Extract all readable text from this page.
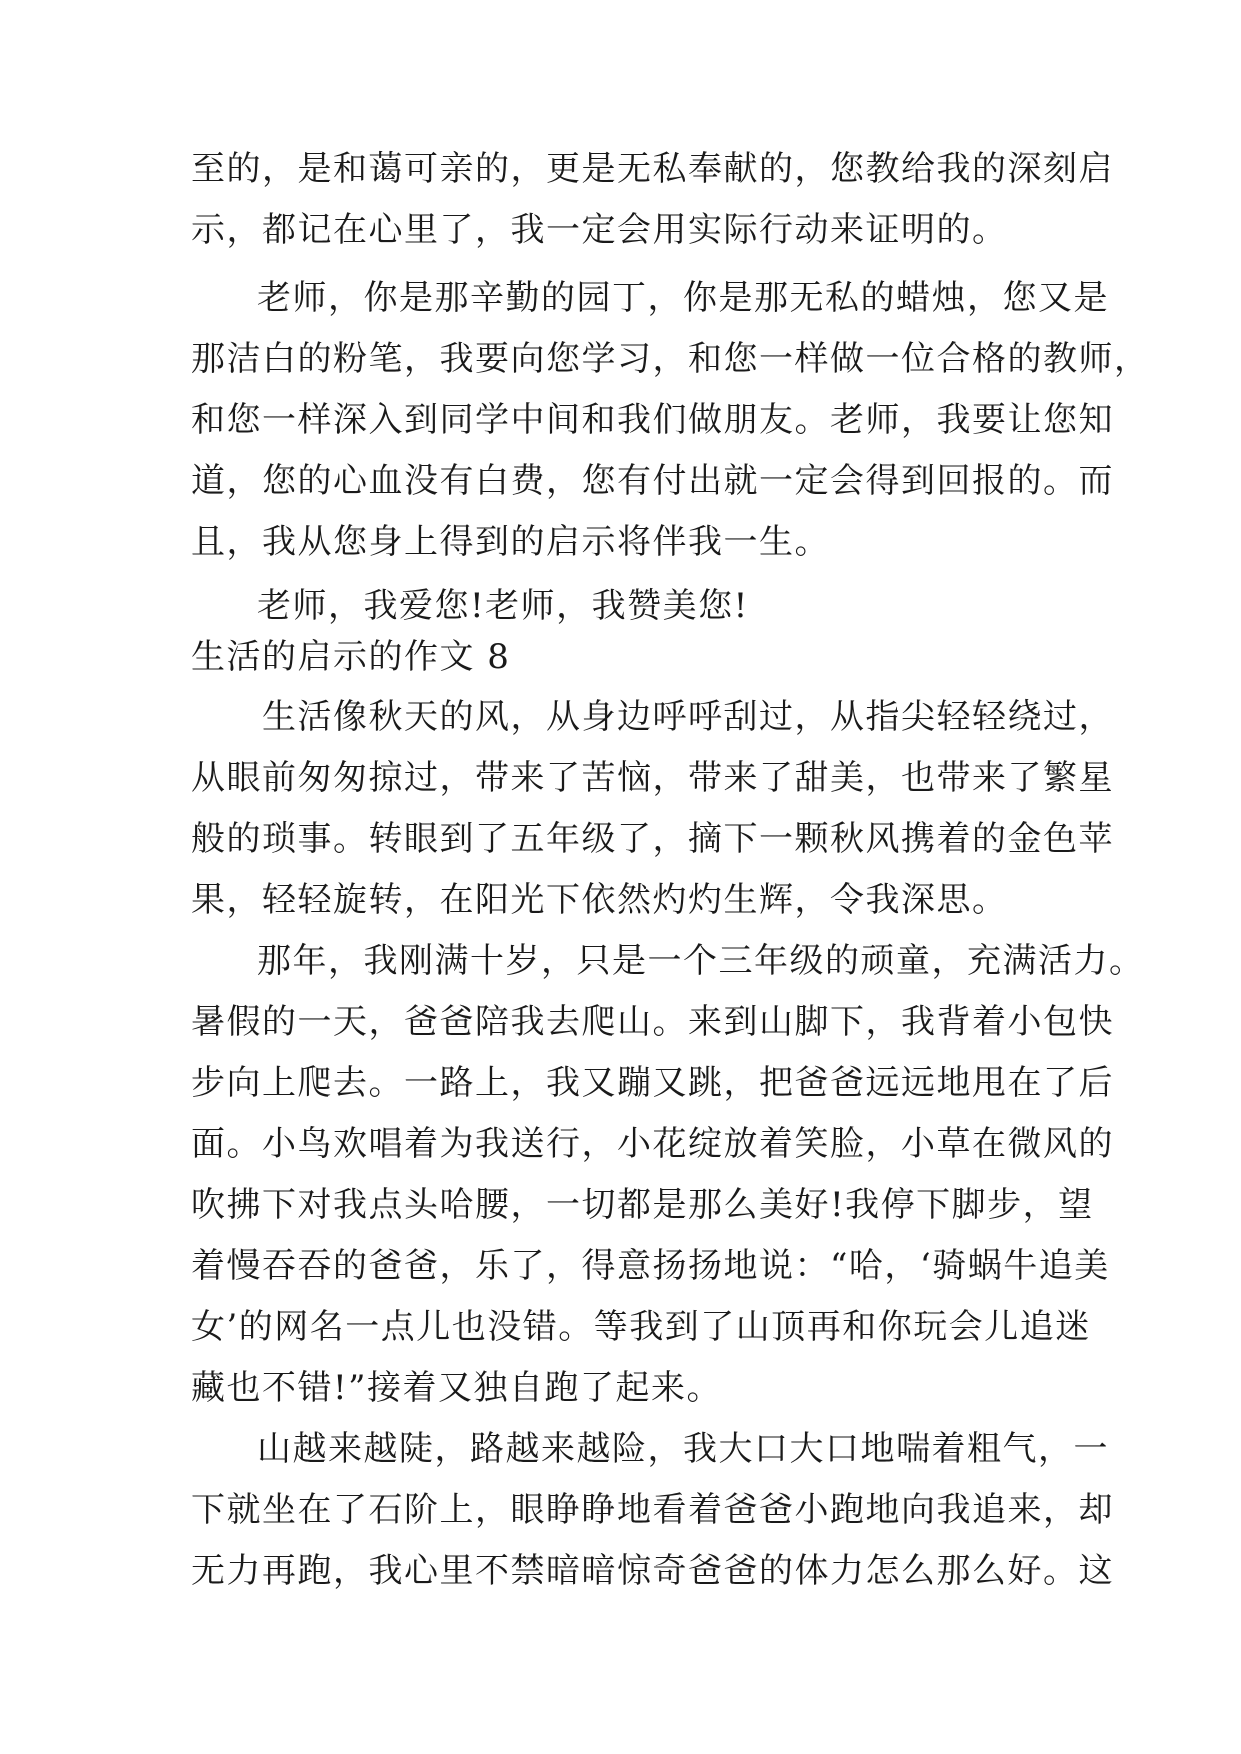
至的，是和蔼可亲的，更是无私奉献的，您教给我的深刻启
示，都记在心里了，我一定会用实际行动来证明的。
老师，你是那辛勤的园丁，你是那无私的蜡烛，您又是
那洁白的粉笔，我要向您学习，和您一样做一位合格的教师，
和您一样深入到同学中间和我们做朋友。老师，我要让您知
道，您的心血没有白费，您有付出就一定会得到回报的。而
且，我从您身上得到的启示将伴我一生。
老师，我爱您!老师，我赞美您!
生活的启示的作文 8
生活像秋天的风，从身边呼呼刮过，从指尖轻轻绕过，
从眼前匆匆掠过，带来了苦恼，带来了甜美，也带来了繁星
般的琐事。转眼到了五年级了，摘下一颗秋风携着的金色苹
果，轻轻旋转，在阳光下依然灼灼生辉，令我深思。
那年，我刚满十岁，只是一个三年级的顽童，充满活力。
暑假的一天，爸爸陪我去爬山。来到山脚下，我背着小包快
步向上爬去。一路上，我又蹦又跳，把爸爸远远地甩在了后
面。小鸟欢唱着为我送行，小花绽放着笑脸，小草在微风的
吹拂下对我点头哈腰，一切都是那么美好!我停下脚步，望
着慢吞吞的爸爸，乐了，得意扬扬地说：“哈，‘骑蜗牛追美
女’的网名一点儿也没错。等我到了山顶再和你玩会儿追迷
藏也不错!”接着又独自跑了起来。
山越来越陡，路越来越险，我大口大口地喘着粗气，一
下就坐在了石阶上，眼睁睁地看着爸爸小跑地向我追来，却
无力再跑，我心里不禁暗暗惊奇爸爸的体力怎么那么好。这
